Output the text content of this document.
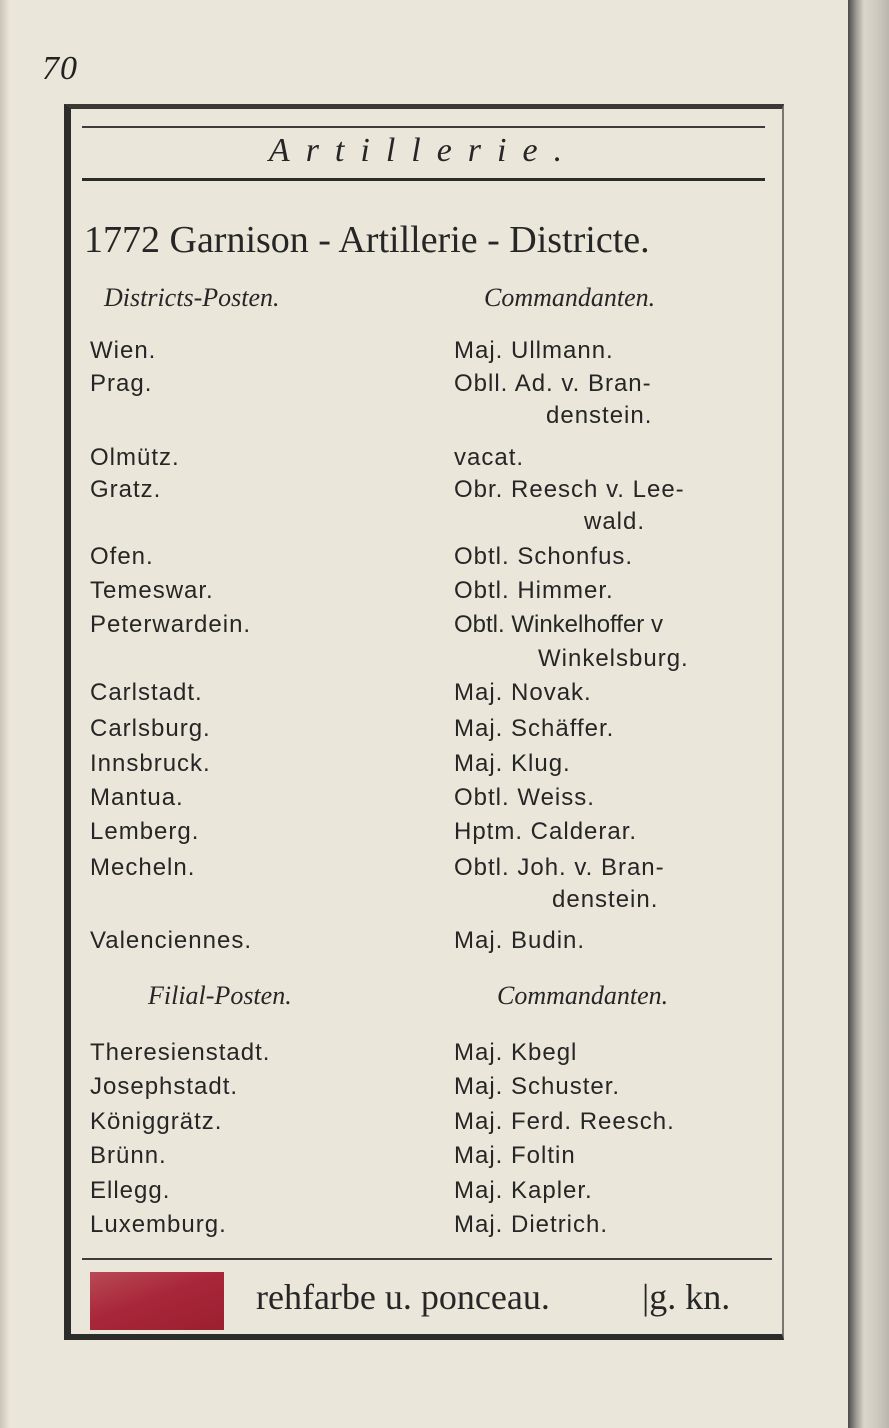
70
Artillerie.
1772 Garnison - Artillerie - Districte.
Districts-Posten.	Commandanten.
Wien.	Maj. Ullmann.
Prag.	Obll. Ad. v. Bran-
denstein.
Olmütz.	vacat.
Gratz.	Obr. Reesch v. Lee-
wald.
Ofen.	Obtl. Schonfus.
Temeswar.	Obtl. Himmer.
Peterwardein.	Obtl. Winkelhoffer v
Winkelsburg.
Carlstadt.	Maj. Novak.
Carlsburg.	Maj. Schäffer.
Innsbruck.	Maj. Klug.
Mantua.	Obtl. Weiss.
Lemberg.	Hptm. Calderar.
Mecheln.	Obtl. Joh. v. Bran-
denstein.
Valenciennes.	Maj. Budin.
Filial-Posten.	Commandanten.
Theresienstadt.	Maj. Kbegl
Josephstadt.	Maj. Schuster.
Königgrätz.	Maj. Ferd. Reesch.
Brünn.	Maj. Foltin
Ellegg.	Maj. Kapler.
Luxemburg.	Maj. Dietrich.
rehfarbe u. ponceau.	|g. kn.
